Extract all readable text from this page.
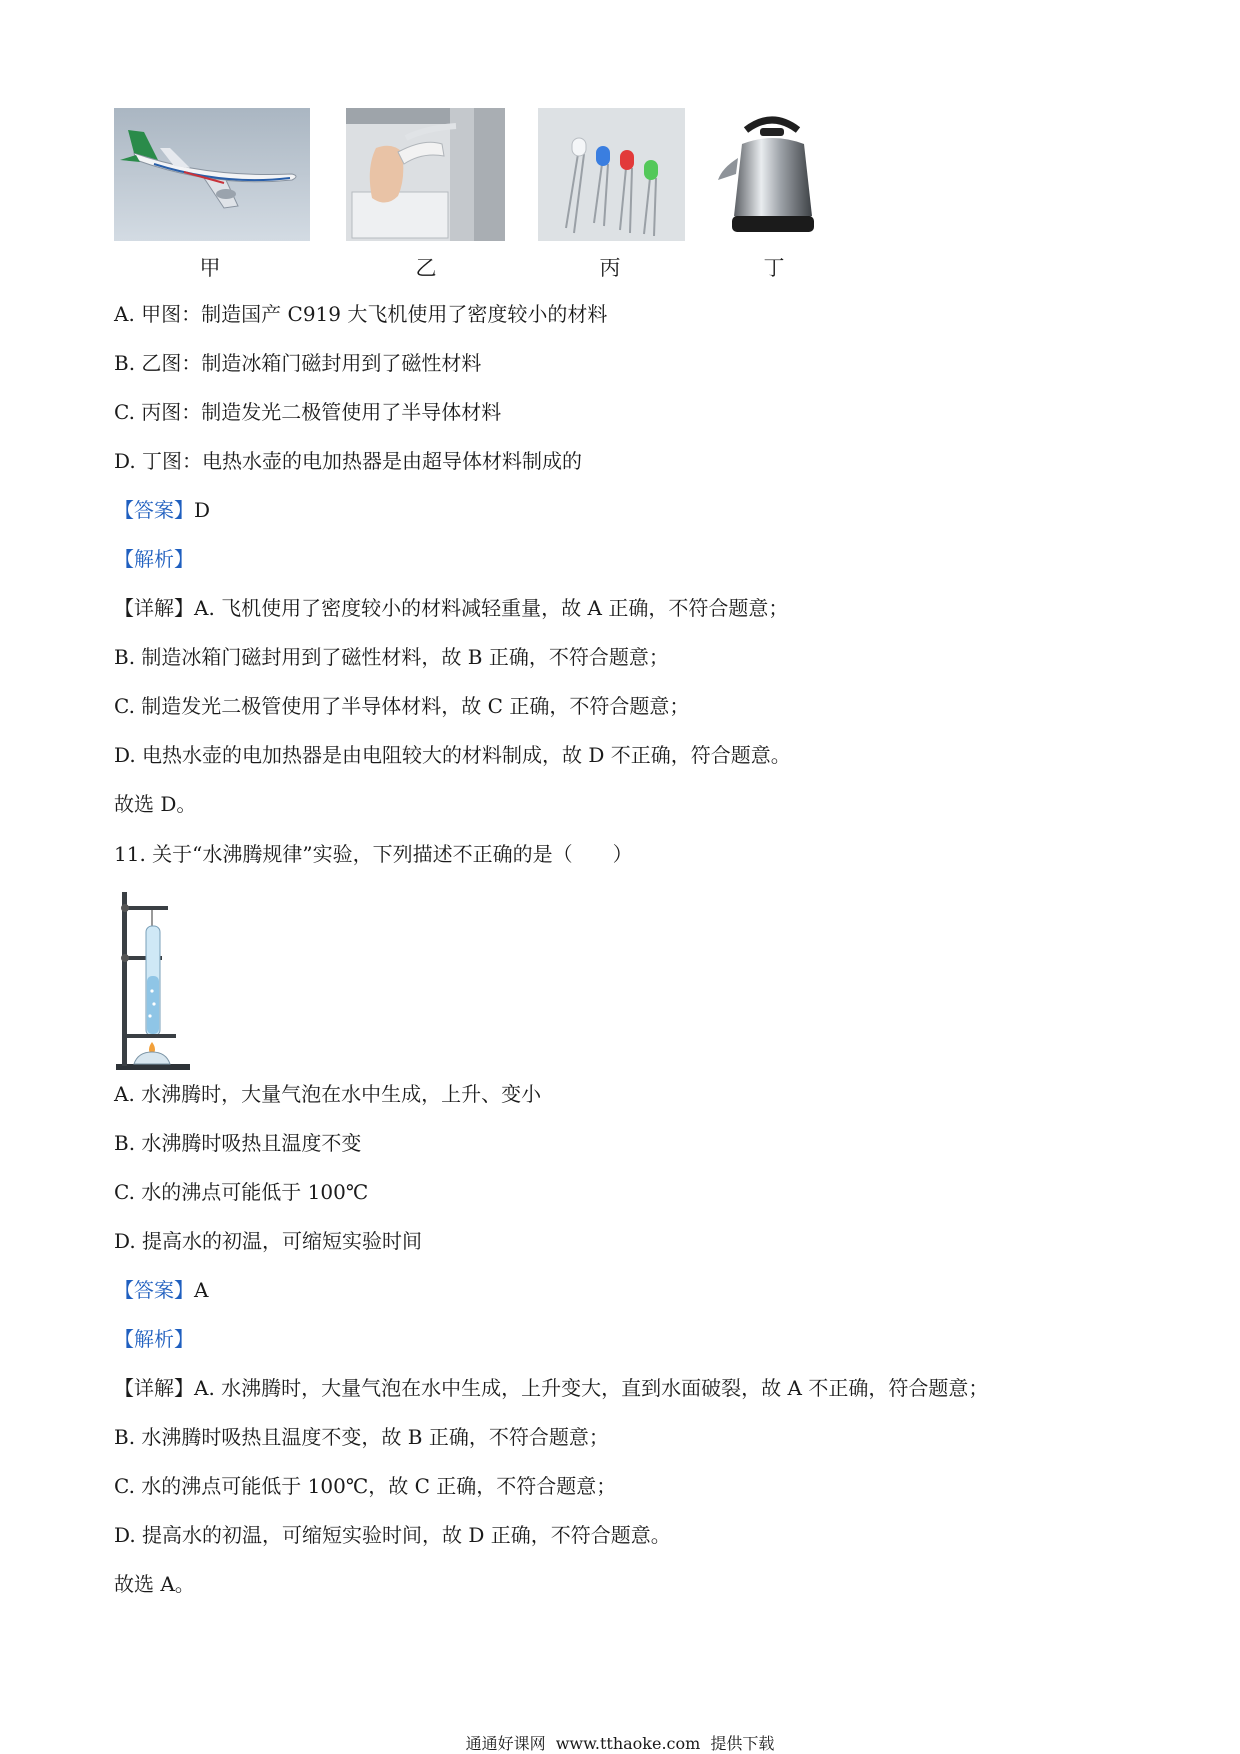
甲	乙	丙	丁
A. 甲图：制造国产 C919 大飞机使用了密度较小的材料
B. 乙图：制造冰箱门磁封用到了磁性材料
C. 丙图：制造发光二极管使用了半导体材料
D. 丁图：电热水壶的电加热器是由超导体材料制成的
【答案】D
【解析】
【详解】A. 飞机使用了密度较小的材料减轻重量，故 A 正确，不符合题意；
B. 制造冰箱门磁封用到了磁性材料，故 B 正确，不符合题意；
C. 制造发光二极管使用了半导体材料，故 C 正确，不符合题意；
D. 电热水壶的电加热器是由电阻较大的材料制成，故 D 不正确，符合题意。
故选 D。
11. 关于“水沸腾规律”实验，下列描述不正确的是（　　）
A. 水沸腾时，大量气泡在水中生成，上升、变小
B. 水沸腾时吸热且温度不变
C. 水的沸点可能低于 100℃
D. 提高水的初温，可缩短实验时间
【答案】A
【解析】
【详解】A. 水沸腾时，大量气泡在水中生成，上升变大，直到水面破裂，故 A 不正确，符合题意；
B. 水沸腾时吸热且温度不变，故 B 正确，不符合题意；
C. 水的沸点可能低于 100℃，故 C 正确，不符合题意；
D. 提高水的初温，可缩短实验时间，故 D 正确，不符合题意。
故选 A。
通通好课网 www.tthaoke.com 提供下载
